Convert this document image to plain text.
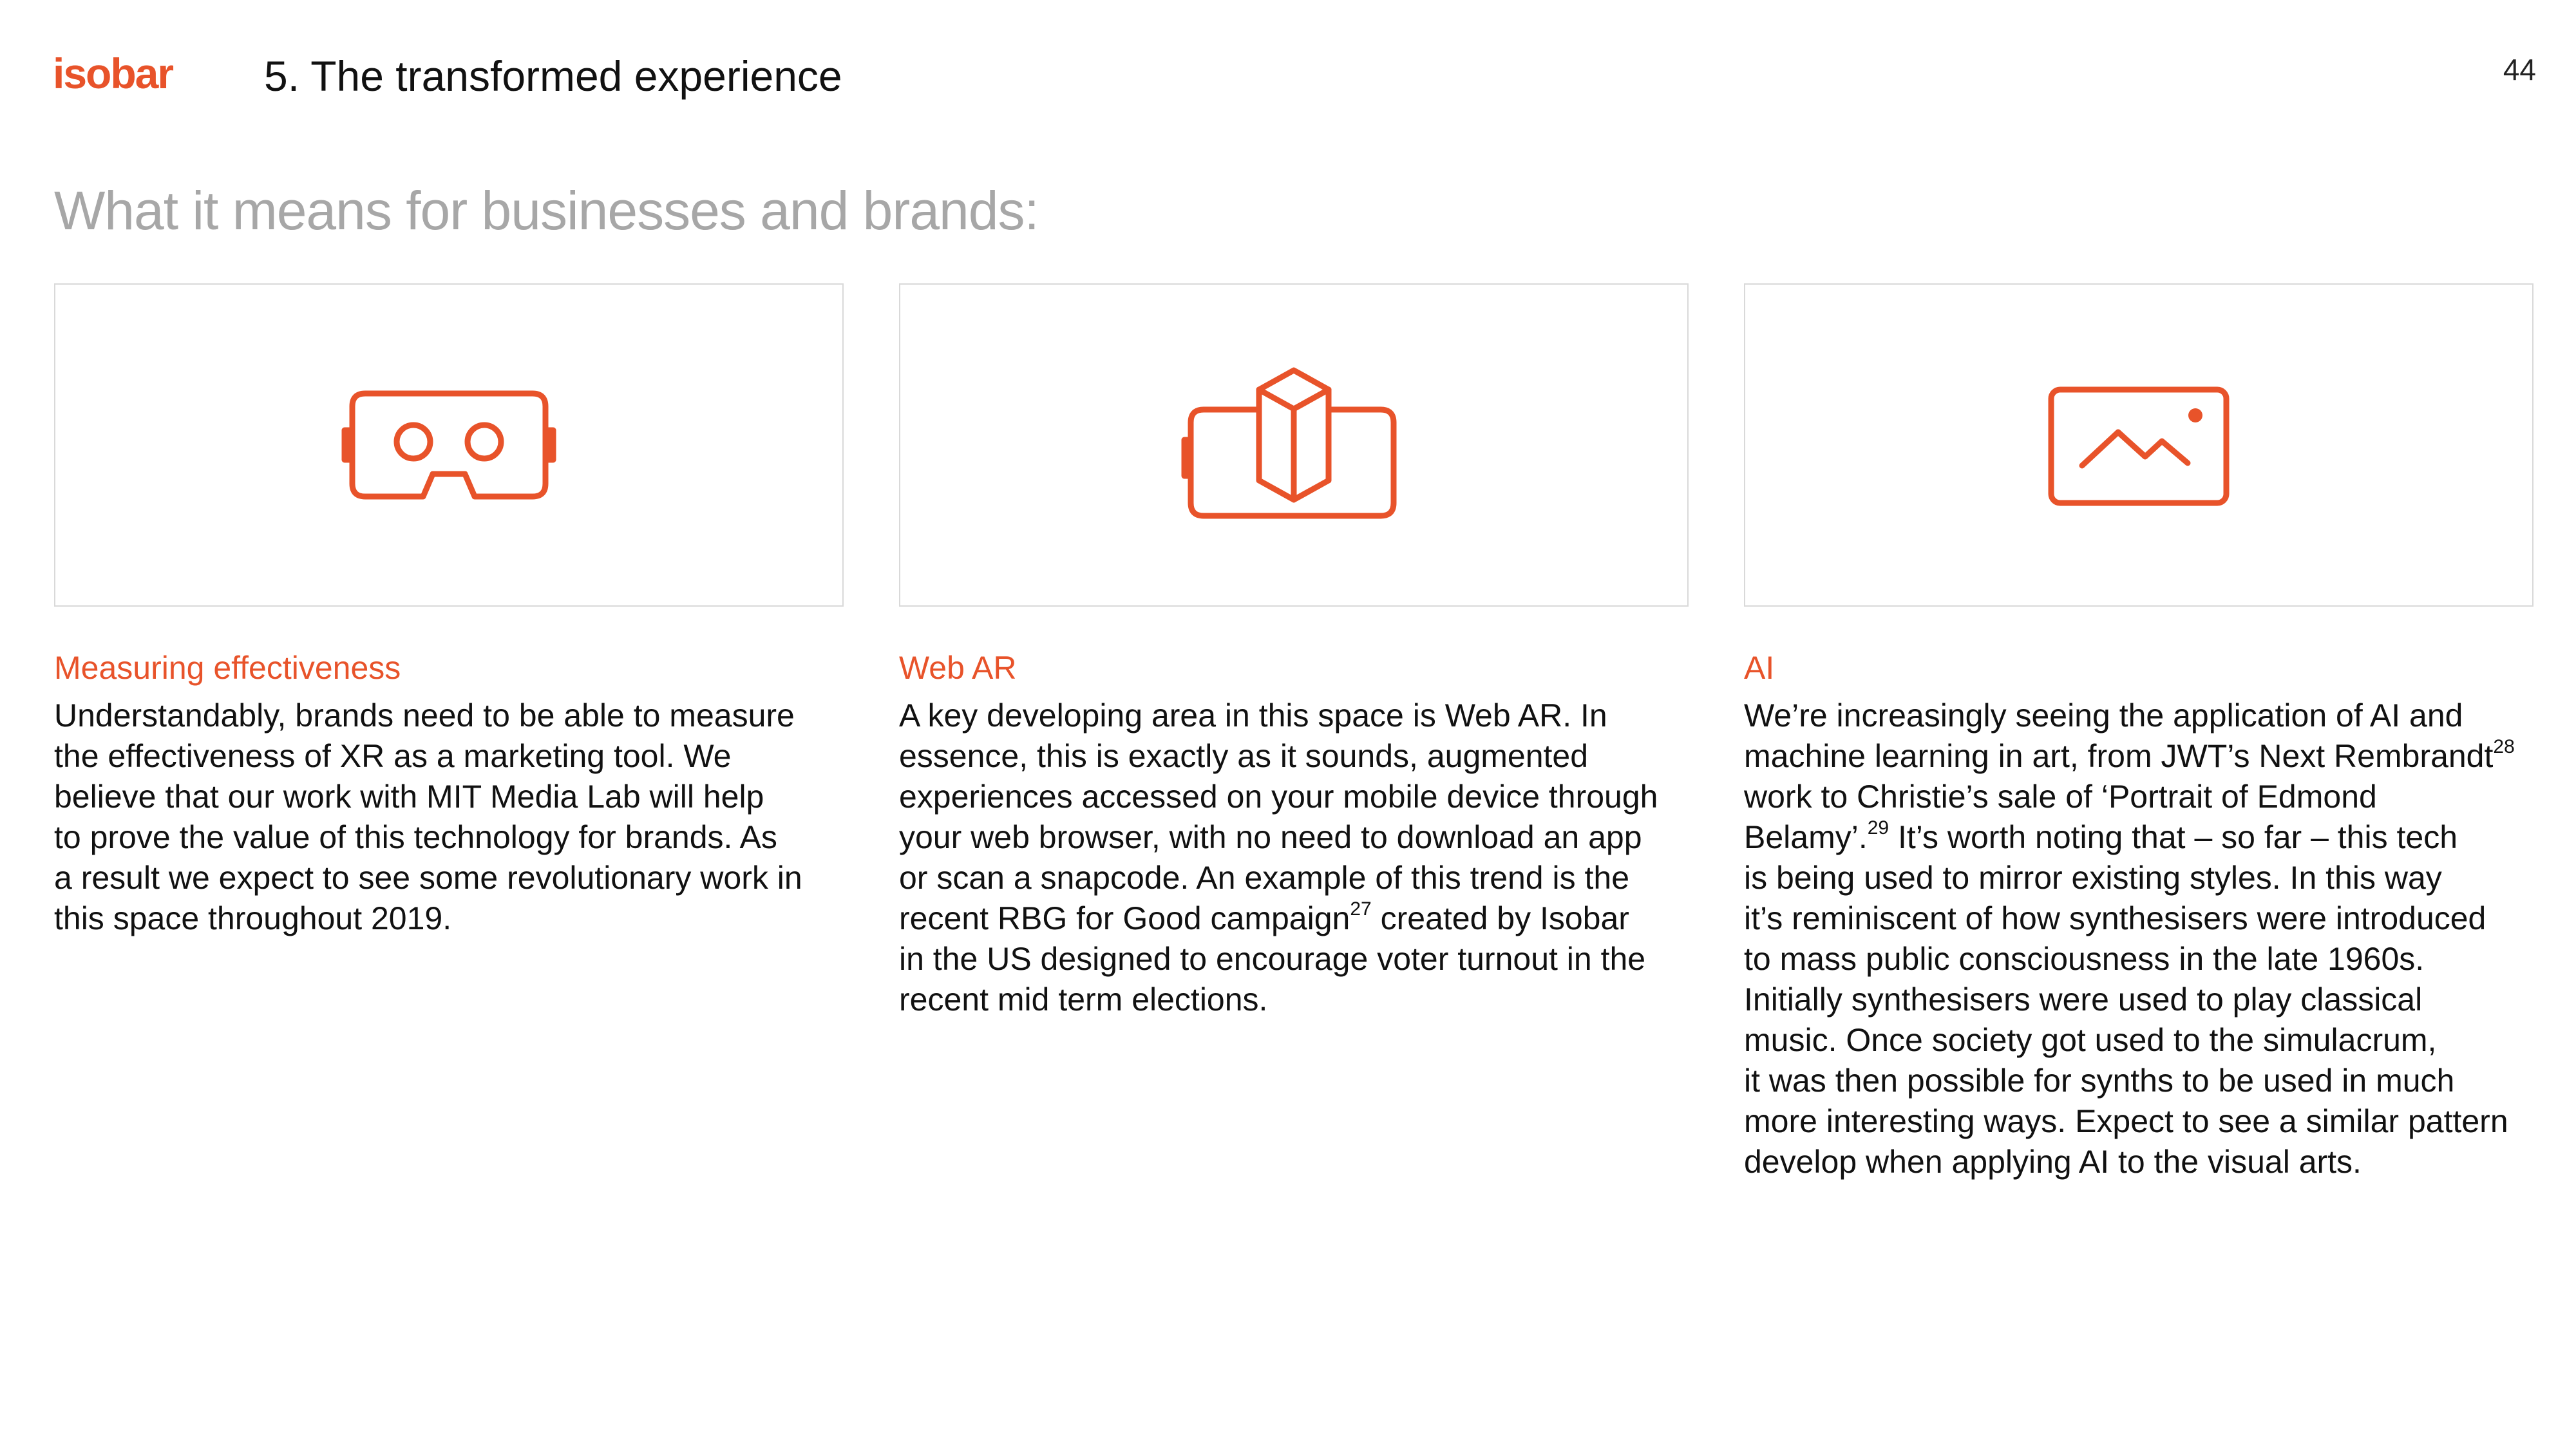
isobar 5. The transformed experience	44
What it means for businesses and brands:
Measuring effectiveness
Understandably, brands need to be able to measure
the effectiveness of XR as a marketing tool. We
believe that our work with MIT Media Lab will help
to prove the value of this technology for brands. As
a result we expect to see some revolutionary work in
this space throughout 2019.
Web AR
A key developing area in this space is Web AR. In
essence, this is exactly as it sounds, augmented
experiences accessed on your mobile device through
your web browser, with no need to download an app
or scan a snapcode. An example of this trend is the
recent RBG for Good campaign$^{27}$ created by Isobar
in the US designed to encourage voter turnout in the
recent mid term elections.
AI
We’re increasingly seeing the application of AI and
machine learning in art, from JWT’s Next Rembrandt$^{28}$
work to Christie’s sale of ‘Portrait of Edmond
Belamy’.$^{29}$ It’s worth noting that – so far – this tech
is being used to mirror existing styles. In this way
it’s reminiscent of how synthesisers were introduced
to mass public consciousness in the late 1960s.
Initially synthesisers were used to play classical
music. Once society got used to the simulacrum,
it was then possible for synths to be used in much
more interesting ways. Expect to see a similar pattern
develop when applying AI to the visual arts.
